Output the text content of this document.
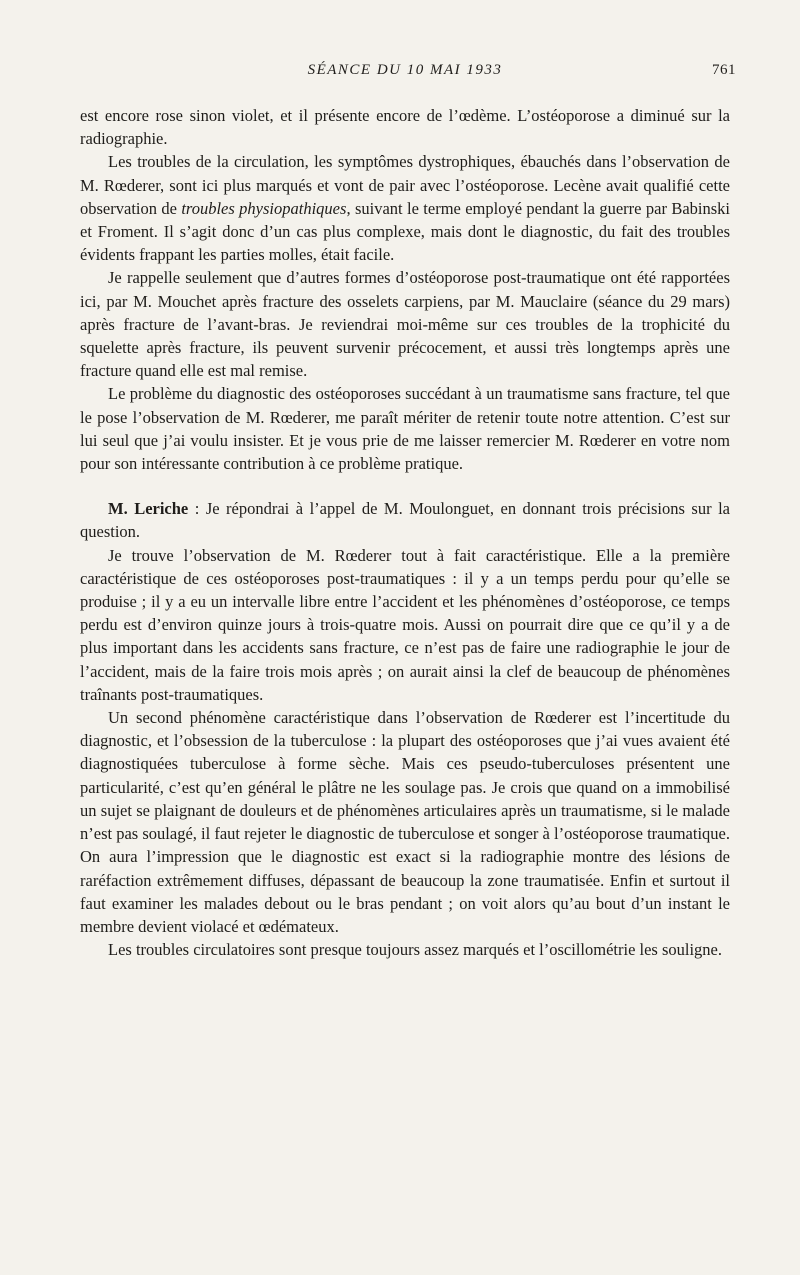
SÉANCE DU 10 MAI 1933	761

est encore rose sinon violet, et il présente encore de l’œdème. L’ostéoporose a diminué sur la radiographie.

Les troubles de la circulation, les symptômes dystrophiques, ébauchés dans l’observation de M. Rœderer, sont ici plus marqués et vont de pair avec l’ostéoporose. Lecène avait qualifié cette observation de troubles physiopathiques, suivant le terme employé pendant la guerre par Babinski et Froment. Il s’agit donc d’un cas plus complexe, mais dont le diagnostic, du fait des troubles évidents frappant les parties molles, était facile.

Je rappelle seulement que d’autres formes d’ostéoporose post-traumatique ont été rapportées ici, par M. Mouchet après fracture des osselets carpiens, par M. Mauclaire (séance du 29 mars) après fracture de l’avant-bras. Je reviendrai moi-même sur ces troubles de la trophicité du squelette après fracture, ils peuvent survenir précocement, et aussi très longtemps après une fracture quand elle est mal remise.

Le problème du diagnostic des ostéoporoses succédant à un traumatisme sans fracture, tel que le pose l’observation de M. Rœderer, me paraît mériter de retenir toute notre attention. C’est sur lui seul que j’ai voulu insister. Et je vous prie de me laisser remercier M. Rœderer en votre nom pour son intéressante contribution à ce problème pratique.

M. Leriche : Je répondrai à l’appel de M. Moulonguet, en donnant trois précisions sur la question.

Je trouve l’observation de M. Rœderer tout à fait caractéristique. Elle a la première caractéristique de ces ostéoporoses post-traumatiques : il y a un temps perdu pour qu’elle se produise ; il y a eu un intervalle libre entre l’accident et les phénomènes d’ostéoporose, ce temps perdu est d’environ quinze jours à trois-quatre mois. Aussi on pourrait dire que ce qu’il y a de plus important dans les accidents sans fracture, ce n’est pas de faire une radiographie le jour de l’accident, mais de la faire trois mois après ; on aurait ainsi la clef de beaucoup de phénomènes traînants post-traumatiques.

Un second phénomène caractéristique dans l’observation de Rœderer est l’incertitude du diagnostic, et l’obsession de la tuberculose : la plupart des ostéoporoses que j’ai vues avaient été diagnostiquées tuberculose à forme sèche. Mais ces pseudo-tuberculoses présentent une particularité, c’est qu’en général le plâtre ne les soulage pas. Je crois que quand on a immobilisé un sujet se plaignant de douleurs et de phénomènes articulaires après un traumatisme, si le malade n’est pas soulagé, il faut rejeter le diagnostic de tuberculose et songer à l’ostéoporose traumatique. On aura l’impression que le diagnostic est exact si la radiographie montre des lésions de raréfaction extrêmement diffuses, dépassant de beaucoup la zone traumatisée. Enfin et surtout il faut examiner les malades debout ou le bras pendant ; on voit alors qu’au bout d’un instant le membre devient violacé et œdémateux.

Les troubles circulatoires sont presque toujours assez marqués et l’oscillométrie les souligne.
